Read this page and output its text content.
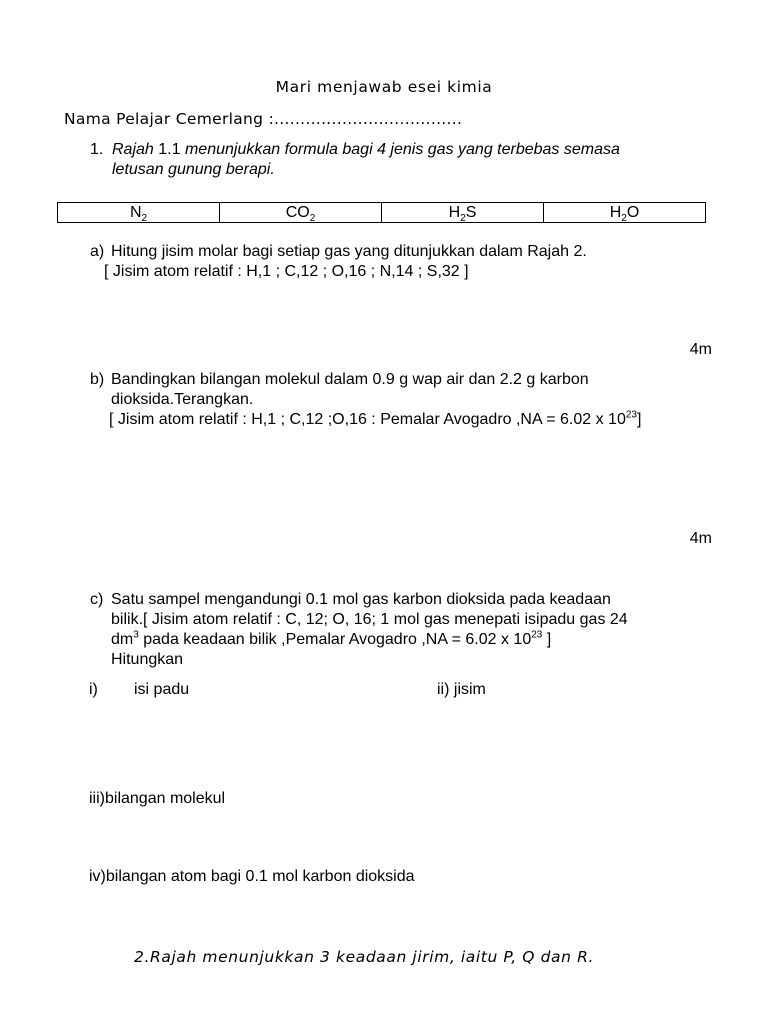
Mari menjawab esei kimia
Nama Pelajar Cemerlang :....................................
1. Rajah 1.1 menunjukkan formula bagi 4 jenis gas yang terbebas semasa
letusan gunung berapi.
$N_2$	$CO_2$	$H_2S$	$H_2O$
a) Hitung jisim molar bagi setiap gas yang ditunjukkan dalam Rajah 2.
[ Jisim atom relatif : H,1 ; C,12 ; O,16 ; N,14 ; S,32 ]
4m
b) Bandingkan bilangan molekul dalam 0.9 g wap air dan 2.2 g karbon
dioksida.Terangkan.
[ Jisim atom relatif : H,1 ; C,12 ;O,16 : Pemalar Avogadro ,NA = 6.02 x $10^{23}$]
4m
c) Satu sampel mengandungi 0.1 mol gas karbon dioksida pada keadaan
bilik.[ Jisim atom relatif : C, 12; O, 16; 1 mol gas menepati isipadu gas 24
$dm^3$ pada keadaan bilik ,Pemalar Avogadro ,NA = 6.02 x $10^{23}$ ]
Hitungkan
i) isi padu	ii) jisim
iii)bilangan molekul
iv)bilangan atom bagi 0.1 mol karbon dioksida
2.Rajah menunjukkan 3 keadaan jirim, iaitu P, Q dan R.
